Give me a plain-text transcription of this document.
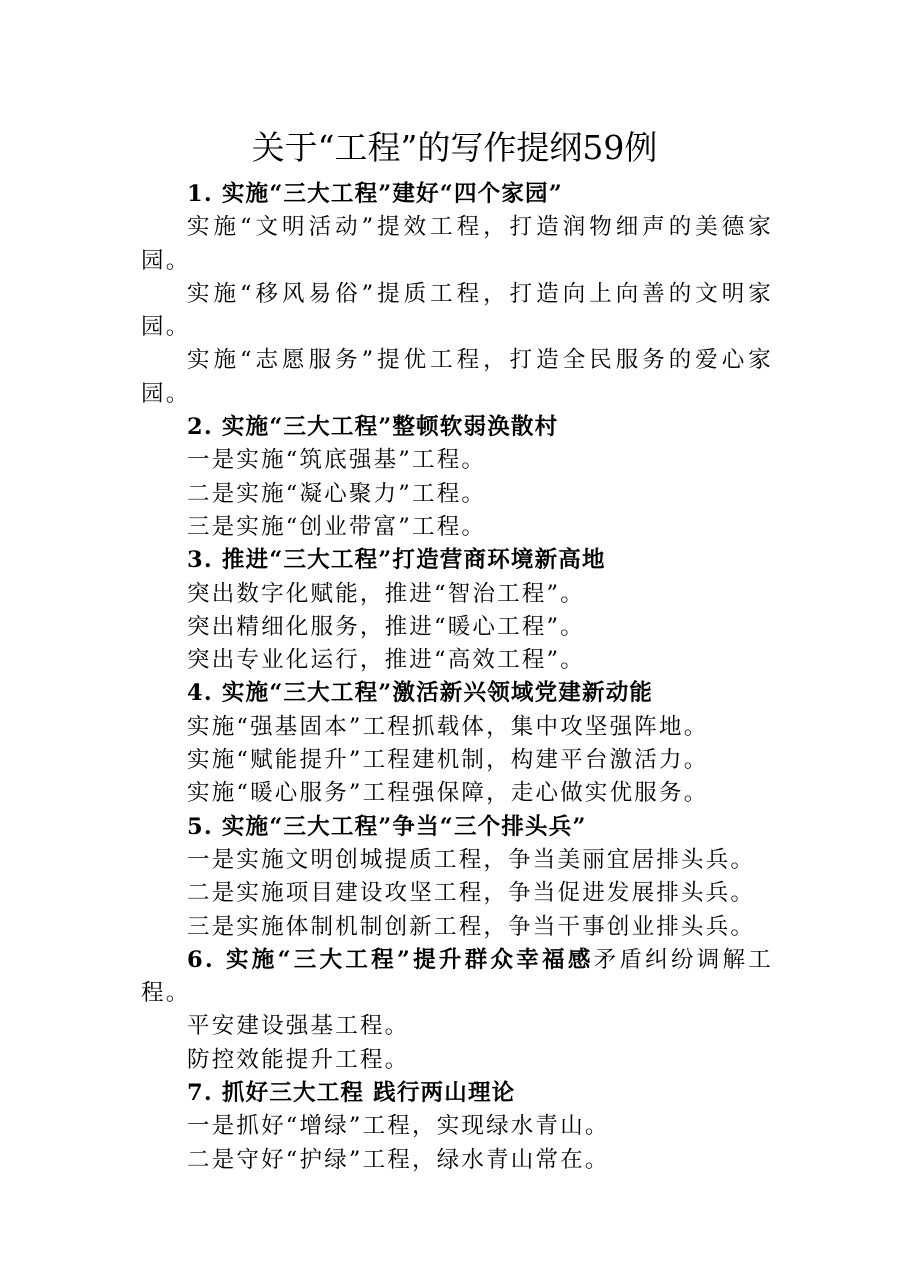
关于“工程”的写作提纲59例
1. 实施“三大工程”建好“四个家园”
实施“文明活动”提效工程，打造润物细声的美德家园。
实施“移风易俗”提质工程，打造向上向善的文明家园。
实施“志愿服务”提优工程，打造全民服务的爱心家园。
2. 实施“三大工程”整顿软弱涣散村
一是实施“筑底强基”工程。
二是实施“凝心聚力”工程。
三是实施“创业带富”工程。
3. 推进“三大工程”打造营商环境新高地
突出数字化赋能，推进“智治工程”。
突出精细化服务，推进“暖心工程”。
突出专业化运行，推进“高效工程”。
4. 实施“三大工程”激活新兴领域党建新动能
实施“强基固本”工程抓载体，集中攻坚强阵地。
实施“赋能提升”工程建机制，构建平台激活力。
实施“暖心服务”工程强保障，走心做实优服务。
5. 实施“三大工程”争当“三个排头兵”
一是实施文明创城提质工程，争当美丽宜居排头兵。
二是实施项目建设攻坚工程，争当促进发展排头兵。
三是实施体制机制创新工程，争当干事创业排头兵。
6. 实施“三大工程”提升群众幸福感矛盾纠纷调解工程。
平安建设强基工程。
防控效能提升工程。
7. 抓好三大工程 践行两山理论
一是抓好“增绿”工程，实现绿水青山。
二是守好“护绿”工程，绿水青山常在。
